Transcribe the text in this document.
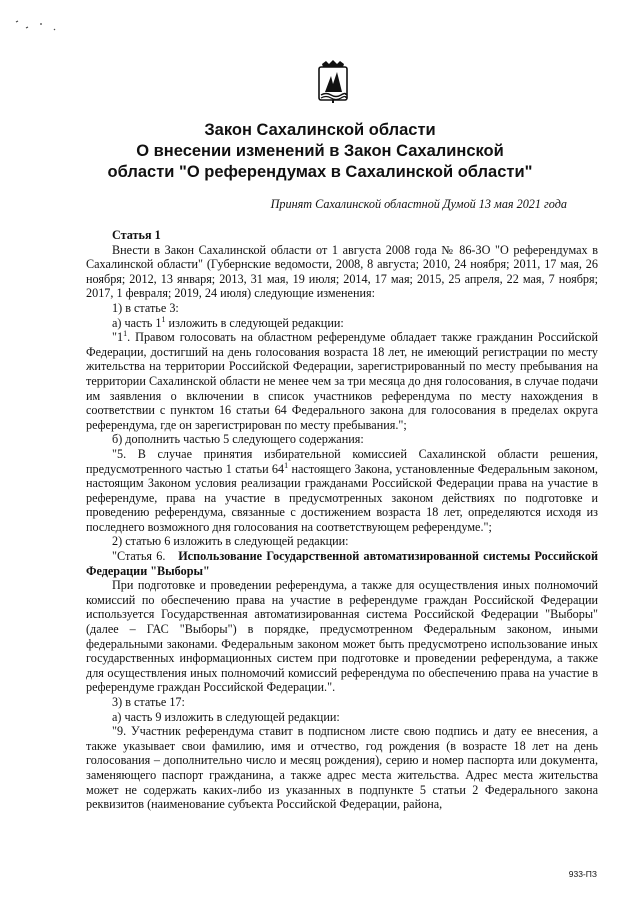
Закон Сахалинской области
О внесении изменений в Закон Сахалинской
области "О референдумах в Сахалинской области"
Принят Сахалинской областной Думой 13 мая 2021 года

Статья 1

Внести в Закон Сахалинской области от 1 августа 2008 года № 86-ЗО "О референдумах в Сахалинской области" (Губернские ведомости, 2008, 8 августа; 2010, 24 ноября; 2011, 17 мая, 26 ноября; 2012, 13 января; 2013, 31 мая, 19 июля; 2014, 17 мая; 2015, 25 апреля, 22 мая, 7 ноября; 2017, 1 февраля; 2019, 24 июля) следующие изменения:

1) в статье 3:

а) часть $1^1$ изложить в следующей редакции:

"$1^1$. Правом голосовать на областном референдуме обладает также гражданин Российской Федерации, достигший на день голосования возраста 18 лет, не имеющий регистрации по месту жительства на территории Российской Федерации, зарегистрированный по месту пребывания на территории Сахалинской области не менее чем за три месяца до дня голосования, в случае подачи им заявления о включении в список участников референдума по месту нахождения в соответствии с пунктом 16 статьи 64 Федерального закона для голосования в пределах округа референдума, где он зарегистрирован по месту пребывания.";

б) дополнить частью 5 следующего содержания:

"5. В случае принятия избирательной комиссией Сахалинской области решения, предусмотренного частью 1 статьи $64^1$ настоящего Закона, установленные Федеральным законом, настоящим Законом условия реализации гражданами Российской Федерации права на участие в референдуме, права на участие в предусмотренных законом действиях по подготовке и проведению референдума, связанные с достижением возраста 18 лет, определяются исходя из последнего возможного дня голосования на соответствующем референдуме.";

2) статью 6 изложить в следующей редакции:

"Статья 6. Использование Государственной автоматизированной системы Российской Федерации "Выборы"

При подготовке и проведении референдума, а также для осуществления иных полномочий комиссий по обеспечению права на участие в референдуме граждан Российской Федерации используется Государственная автоматизированная система Российской Федерации "Выборы" (далее – ГАС "Выборы") в порядке, предусмотренном Федеральным законом, иными федеральными законами. Федеральным законом может быть предусмотрено использование иных государственных информационных систем при подготовке и проведении референдума, а также для осуществления иных полномочий комиссий референдума по обеспечению права на участие в референдуме граждан Российской Федерации.".

3) в статье 17:

а) часть 9 изложить в следующей редакции:

"9. Участник референдума ставит в подписном листе свою подпись и дату ее внесения, а также указывает свои фамилию, имя и отчество, год рождения (в возрасте 18 лет на день голосования – дополнительно число и месяц рождения), серию и номер паспорта или документа, заменяющего паспорт гражданина, а также адрес места жительства. Адрес места жительства может не содержать каких-либо из указанных в подпункте 5 статьи 2 Федерального закона реквизитов (наименование субъекта Российской Федерации, района,

933-ПЗ
